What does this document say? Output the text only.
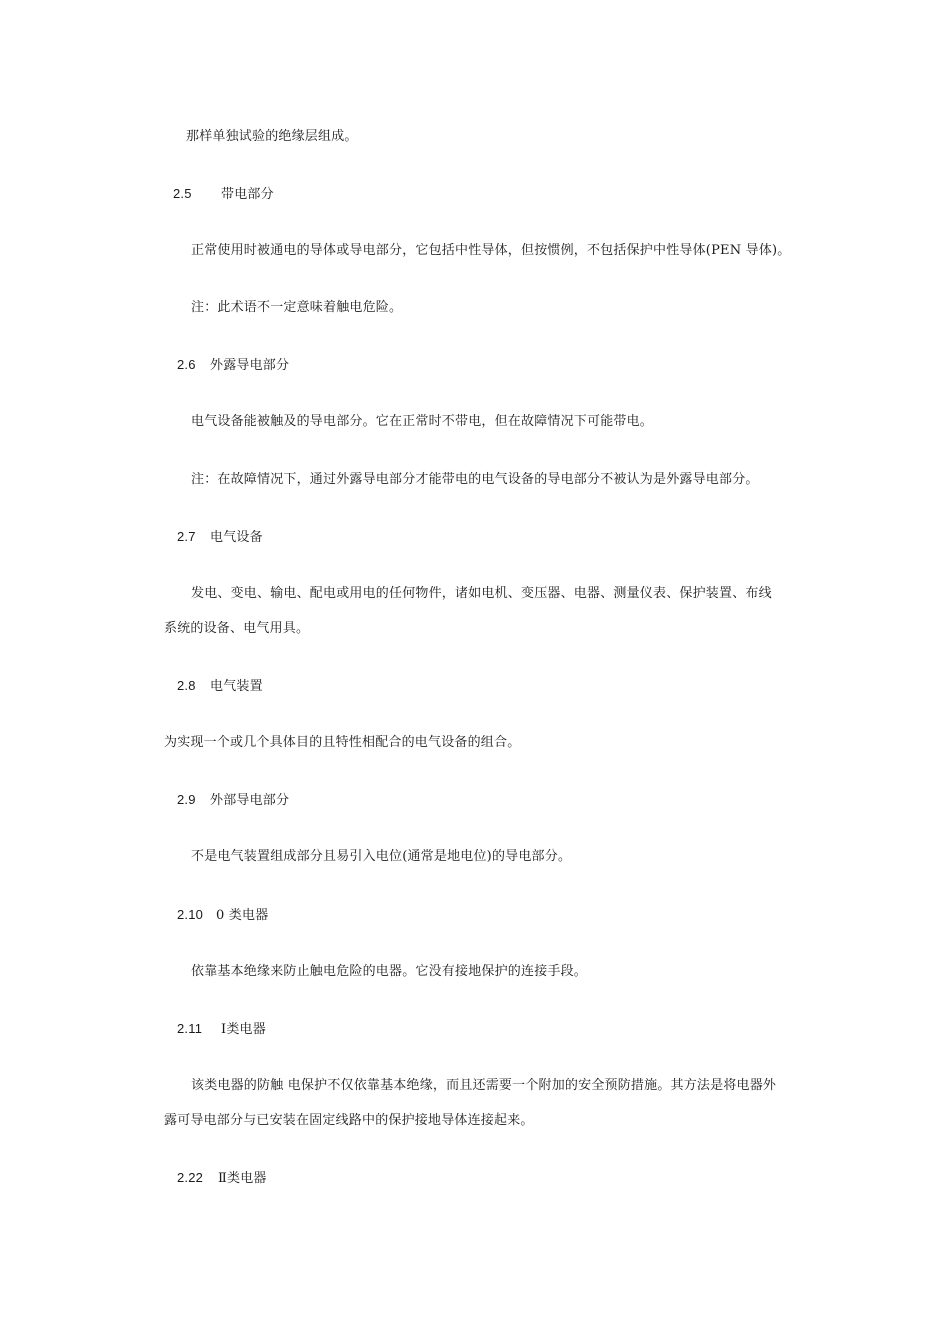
那样单独试验的绝缘层组成。
2.5 带电部分
正常使用时被通电的导体或导电部分，它包括中性导体，但按惯例，不包括保护中性导体(PEN 导体)。
注：此术语不一定意味着触电危险。
2.6 外露导电部分
电气设备能被触及的导电部分。它在正常时不带电，但在故障情况下可能带电。
注：在故障情况下，通过外露导电部分才能带电的电气设备的导电部分不被认为是外露导电部分。
2.7 电气设备
发电、变电、输电、配电或用电的任何物件，诸如电机、变压器、电器、测量仪表、保护装置、布线
系统的设备、电气用具。
2.8 电气装置
为实现一个或几个具体目的且特性相配合的电气设备的组合。
2.9 外部导电部分
不是电气装置组成部分且易引入电位(通常是地电位)的导电部分。
2.10 0 类电器
依靠基本绝缘来防止触电危险的电器。它没有接地保护的连接手段。
2.11 Ⅰ类电器
该类电器的防触 电保护不仅依靠基本绝缘，而且还需要一个附加的安全预防措施。其方法是将电器外
露可导电部分与已安装在固定线路中的保护接地导体连接起来。
2.22 Ⅱ类电器
